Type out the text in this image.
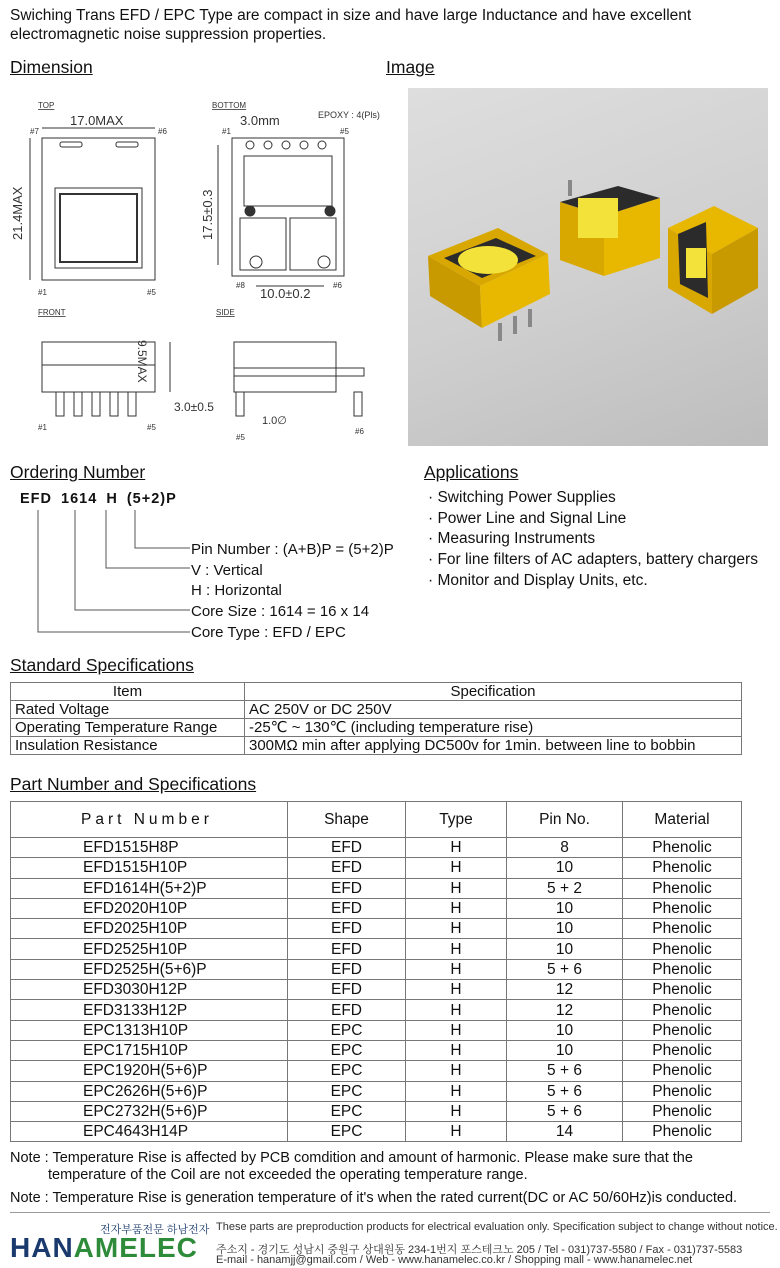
Swiching Trans EFD / EPC Type are compact in size and have large Inductance and have excellent electromagnetic noise suppression properties.
Dimension	Image
TOP
17.0MAX
#7	#6
21.4MAX
#1	#5
BOTTOM
3.0mm	EPOXY : 4(Pls)
#1	#5
17.5±0.3
10.0±0.2
#8	#6
FRONT
9.5MAX
3.0±0.5
#1	#5
SIDE
1.0∅
#5
#6
Ordering Number
EFD 1614 H (5+2)P
Pin Number : (A+B)P = (5+2)P
V : Vertical
H : Horizontal
Core Size : 1614 = 16 x 14
Core Type : EFD / EPC
Applications
· Switching Power Supplies
· Power Line and Signal Line
· Measuring Instruments
· For line filters of AC adapters, battery chargers
· Monitor and Display Units, etc.
Standard Specifications
Item	Specification
Rated Voltage	AC 250V or DC 250V
Operating Temperature Range	-25℃ ~ 130℃ (including temperature rise)
Insulation Resistance	300MΩ min after applying DC500v for 1min. between line to bobbin
Part Number and Specifications
Part Number	Shape	Type	Pin No.	Material
EFD1515H8P	EFD	H	8	Phenolic
EFD1515H10P	EFD	H	10	Phenolic
EFD1614H(5+2)P	EFD	H	5 + 2	Phenolic
EFD2020H10P	EFD	H	10	Phenolic
EFD2025H10P	EFD	H	10	Phenolic
EFD2525H10P	EFD	H	10	Phenolic
EFD2525H(5+6)P	EFD	H	5 + 6	Phenolic
EFD3030H12P	EFD	H	12	Phenolic
EFD3133H12P	EFD	H	12	Phenolic
EPC1313H10P	EPC	H	10	Phenolic
EPC1715H10P	EPC	H	10	Phenolic
EPC1920H(5+6)P	EPC	H	5 + 6	Phenolic
EPC2626H(5+6)P	EPC	H	5 + 6	Phenolic
EPC2732H(5+6)P	EPC	H	5 + 6	Phenolic
EPC4643H14P	EPC	H	14	Phenolic
Note : Temperature Rise is affected by PCB comdition and amount of harmonic. Please make sure that the temperature of the Coil are not exceeded the operating temperature range.
Note : Temperature Rise is generation temperature of it's when the rated current(DC or AC 50/60Hz)is conducted.
HANAMELEC
전자부품전문 하남전자 These parts are preproduction products for electrical evaluation only. Specification subject to change without notice.
주소지 - 경기도 성남시 중원구 상대원동 234-1번지 포스테크노 205 / Tel - 031)737-5580 / Fax - 031)737-5583
E-mail - hanamjj@gmail.com / Web - www.hanamelec.co.kr / Shopping mall - www.hanamelec.net
